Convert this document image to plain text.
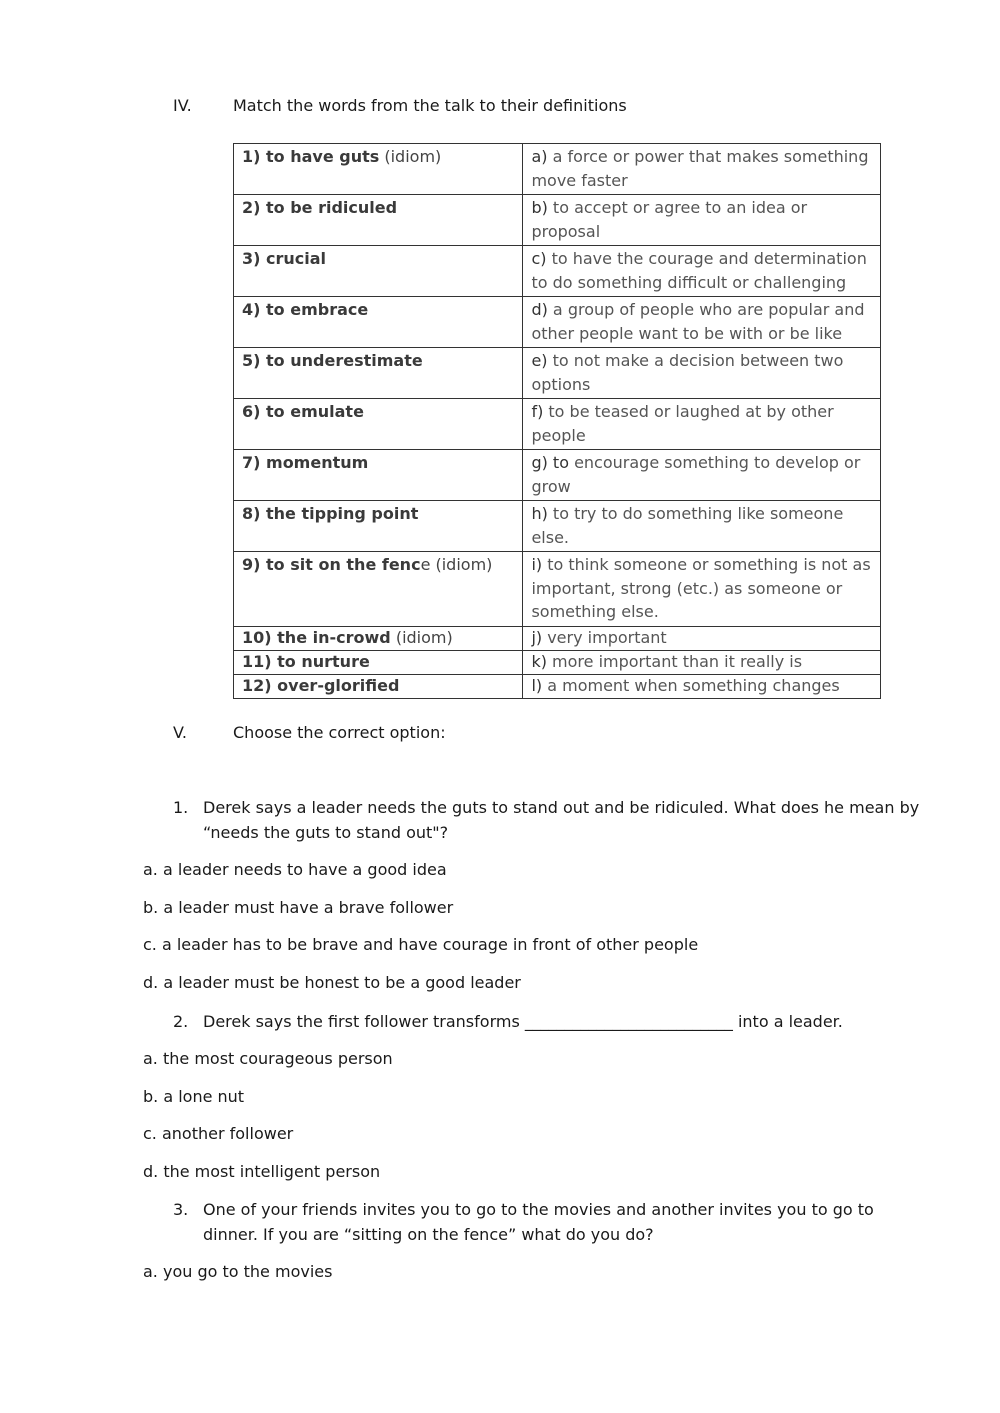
IV.	Match the words from the talk to their definitions
1) to have guts (idiom)	a) a force or power that makes something move faster
2) to be ridiculed	b) to accept or agree to an idea or proposal
3) crucial	c) to have the courage and determination to do something difficult or challenging
4) to embrace	d) a group of people who are popular and other people want to be with or be like
5) to underestimate	e) to not make a decision between two options
6) to emulate	f) to be teased or laughed at by other people
7) momentum	g) to encourage something to develop or grow
8) the tipping point	h) to try to do something like someone else.
9) to sit on the fence (idiom)	i) to think someone or something is not as important, strong (etc.) as someone or something else.
10) the in-crowd (idiom)	j) very important
11) to nurture	k) more important than it really is
12) over-glorified	l) a moment when something changes
V.	Choose the correct option:
1. Derek says a leader needs the guts to stand out and be ridiculed. What does he mean by “needs the guts to stand out"?
a. a leader needs to have a good idea
b. a leader must have a brave follower
c. a leader has to be brave and have courage in front of other people
d. a leader must be honest to be a good leader
2. Derek says the first follower transforms __________________________ into a leader.
a. the most courageous person
b. a lone nut
c. another follower
d. the most intelligent person
3. One of your friends invites you to go to the movies and another invites you to go to dinner. If you are “sitting on the fence” what do you do?
a. you go to the movies
